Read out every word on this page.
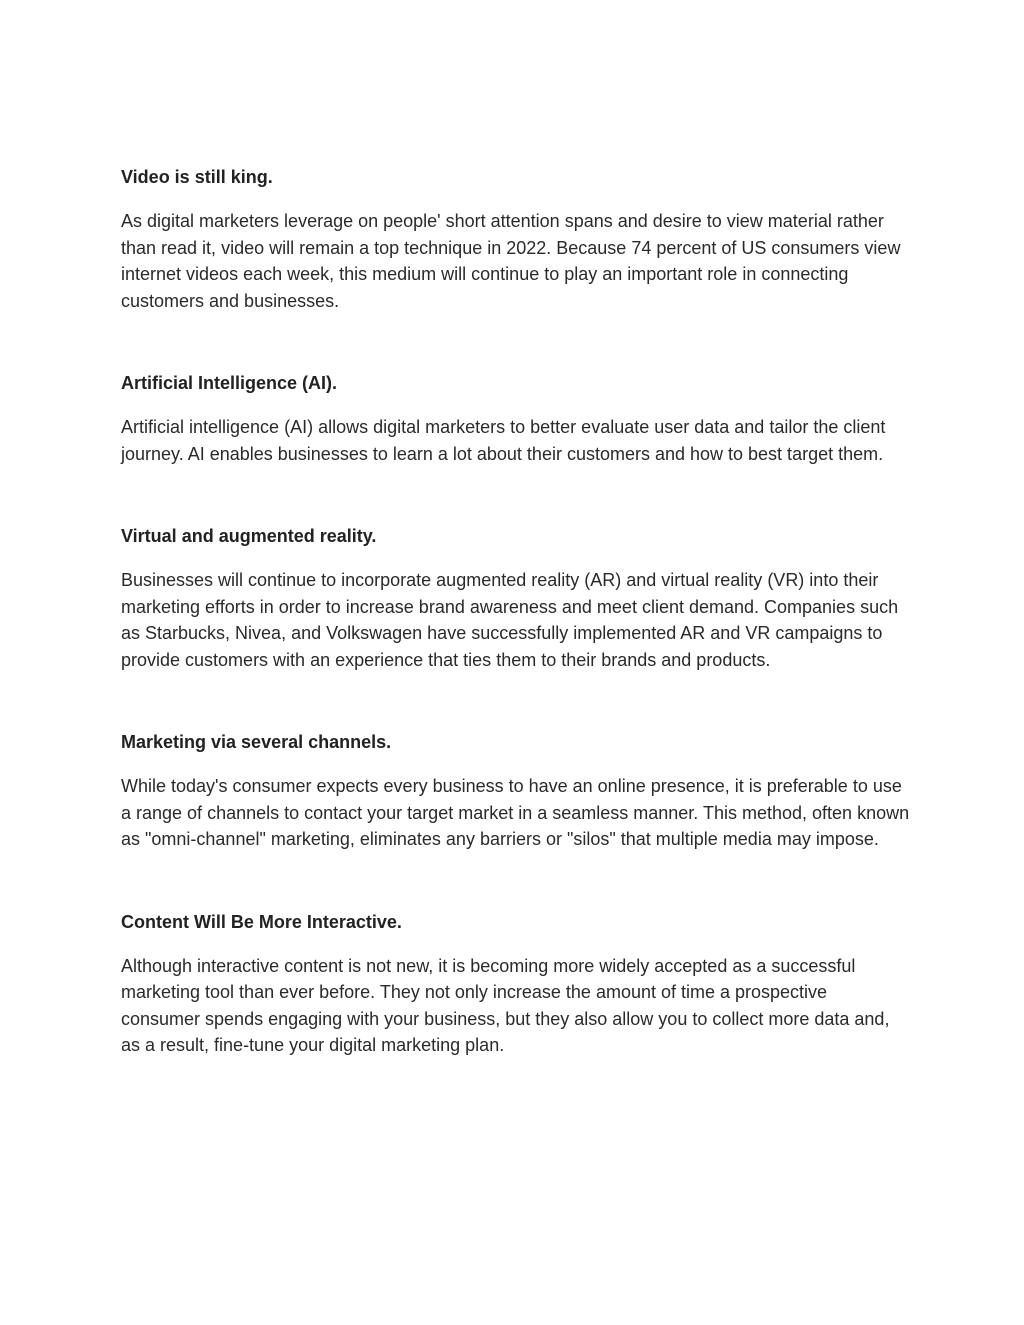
Video is still king.

As digital marketers leverage on people' short attention spans and desire to view material rather than read it, video will remain a top technique in 2022. Because 74 percent of US consumers view internet videos each week, this medium will continue to play an important role in connecting customers and businesses.

Artificial Intelligence (AI).

Artificial intelligence (AI) allows digital marketers to better evaluate user data and tailor the client journey. AI enables businesses to learn a lot about their customers and how to best target them.

Virtual and augmented reality.

Businesses will continue to incorporate augmented reality (AR) and virtual reality (VR) into their marketing efforts in order to increase brand awareness and meet client demand. Companies such as Starbucks, Nivea, and Volkswagen have successfully implemented AR and VR campaigns to provide customers with an experience that ties them to their brands and products.

Marketing via several channels.

While today's consumer expects every business to have an online presence, it is preferable to use a range of channels to contact your target market in a seamless manner. This method, often known as "omni-channel" marketing, eliminates any barriers or "silos" that multiple media may impose.

Content Will Be More Interactive.

Although interactive content is not new, it is becoming more widely accepted as a successful marketing tool than ever before. They not only increase the amount of time a prospective consumer spends engaging with your business, but they also allow you to collect more data and, as a result, fine-tune your digital marketing plan.
